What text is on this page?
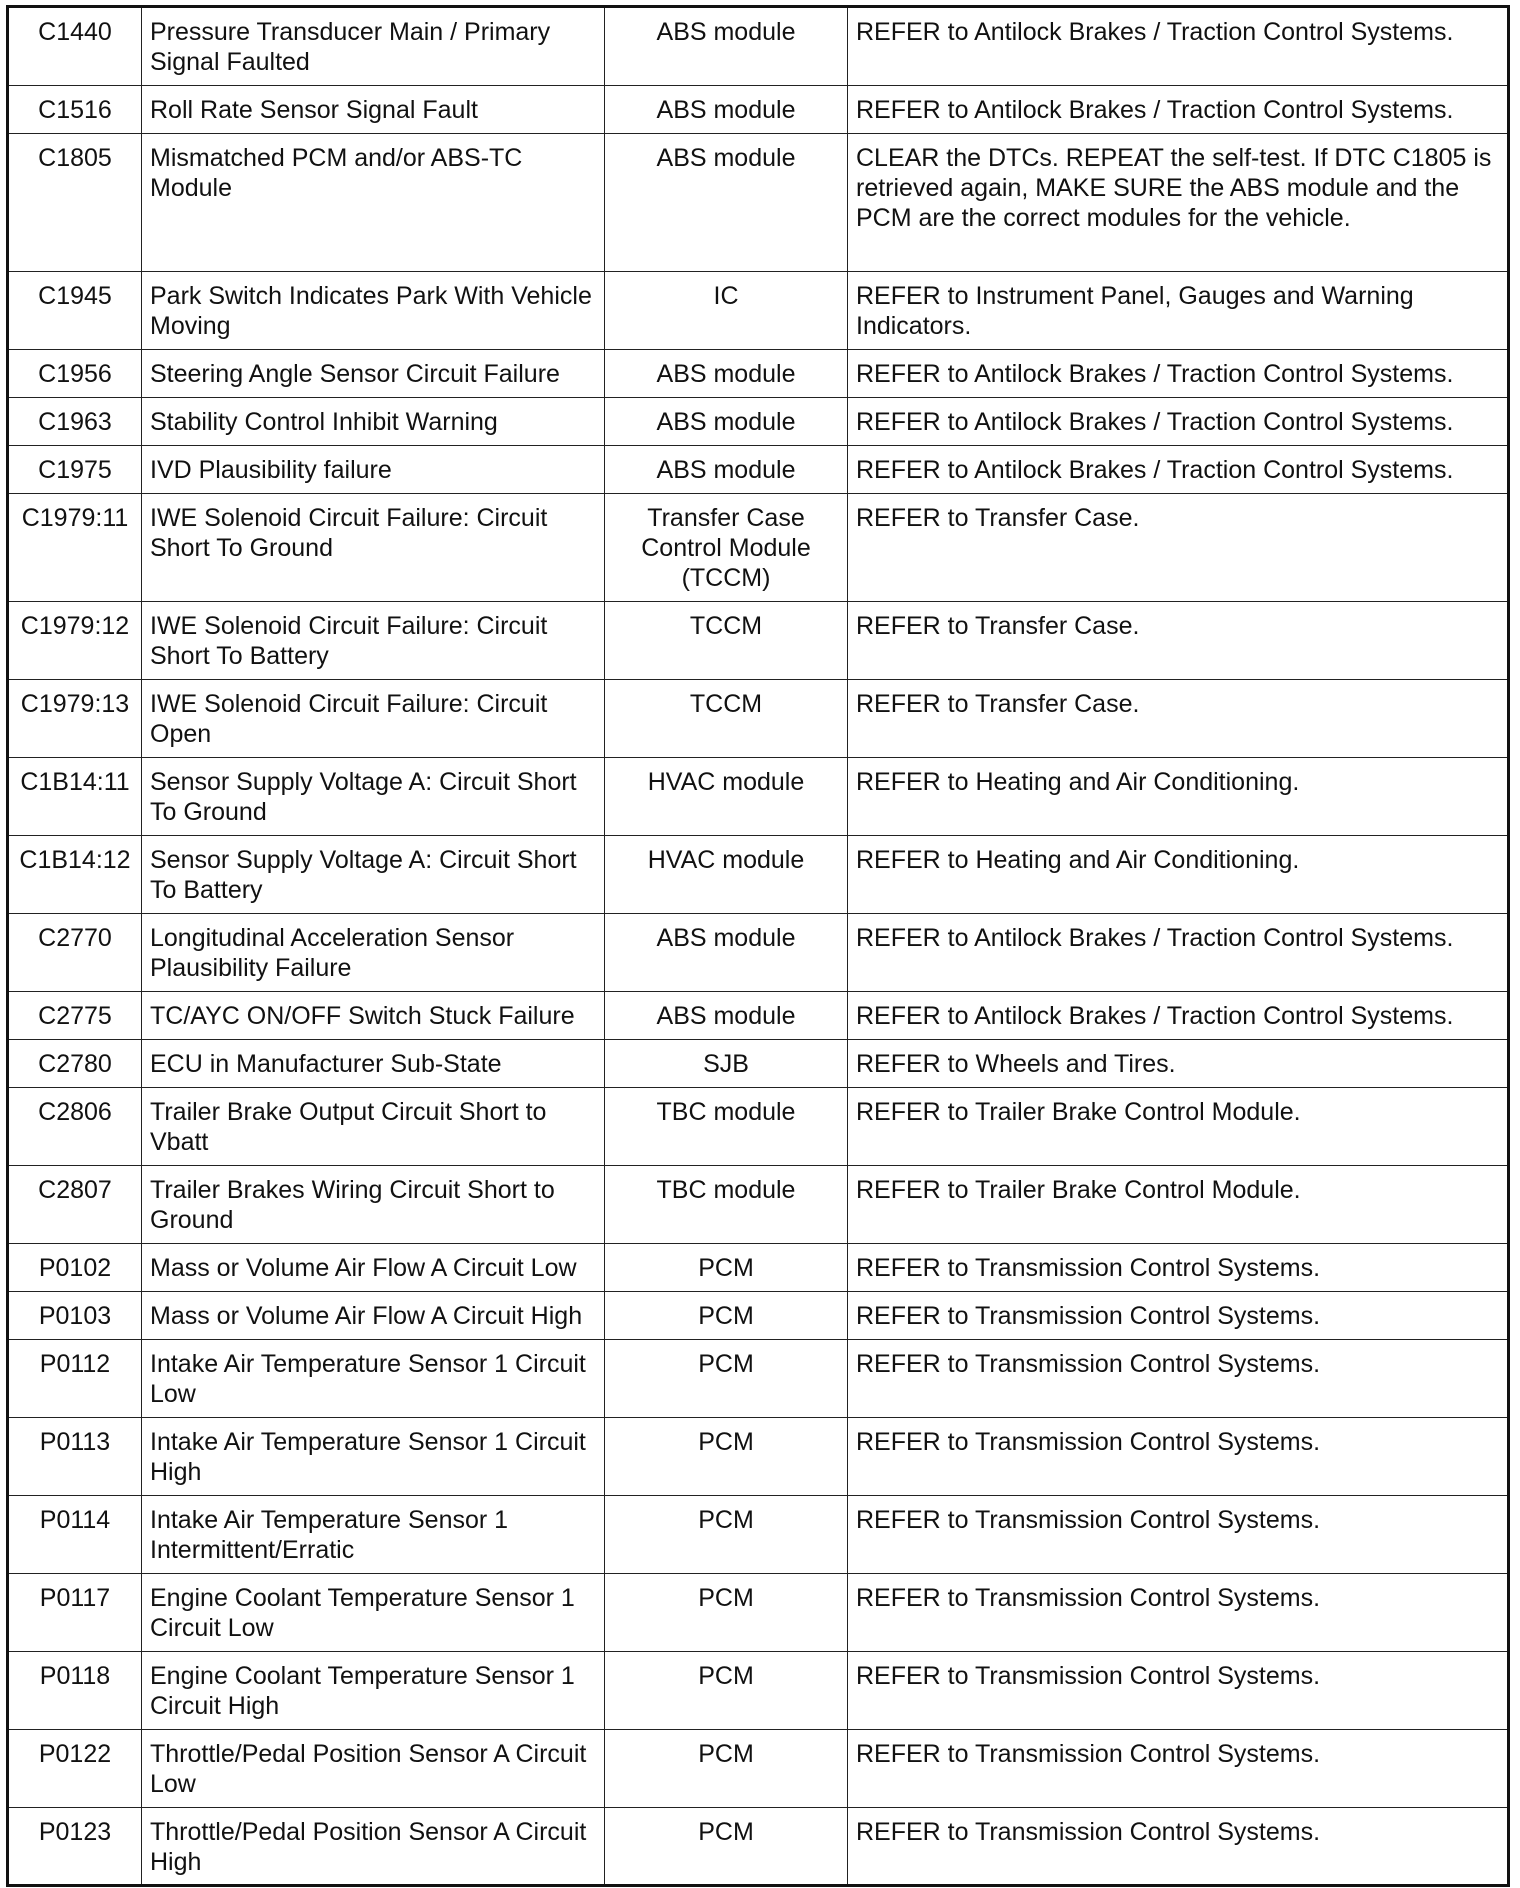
C1440	Pressure Transducer Main / Primary Signal Faulted	ABS module	REFER to Antilock Brakes / Traction Control Systems.
C1516	Roll Rate Sensor Signal Fault	ABS module	REFER to Antilock Brakes / Traction Control Systems.
C1805	Mismatched PCM and/or ABS-TC Module	ABS module	CLEAR the DTCs. REPEAT the self-test. If DTC C1805 is retrieved again, MAKE SURE the ABS module and the PCM are the correct modules for the vehicle.
C1945	Park Switch Indicates Park With Vehicle Moving	IC	REFER to Instrument Panel, Gauges and Warning Indicators.
C1956	Steering Angle Sensor Circuit Failure	ABS module	REFER to Antilock Brakes / Traction Control Systems.
C1963	Stability Control Inhibit Warning	ABS module	REFER to Antilock Brakes / Traction Control Systems.
C1975	IVD Plausibility failure	ABS module	REFER to Antilock Brakes / Traction Control Systems.
C1979:11	IWE Solenoid Circuit Failure: Circuit Short To Ground	Transfer Case Control Module (TCCM)	REFER to Transfer Case.
C1979:12	IWE Solenoid Circuit Failure: Circuit Short To Battery	TCCM	REFER to Transfer Case.
C1979:13	IWE Solenoid Circuit Failure: Circuit Open	TCCM	REFER to Transfer Case.
C1B14:11	Sensor Supply Voltage A: Circuit Short To Ground	HVAC module	REFER to Heating and Air Conditioning.
C1B14:12	Sensor Supply Voltage A: Circuit Short To Battery	HVAC module	REFER to Heating and Air Conditioning.
C2770	Longitudinal Acceleration Sensor Plausibility Failure	ABS module	REFER to Antilock Brakes / Traction Control Systems.
C2775	TC/AYC ON/OFF Switch Stuck Failure	ABS module	REFER to Antilock Brakes / Traction Control Systems.
C2780	ECU in Manufacturer Sub-State	SJB	REFER to Wheels and Tires.
C2806	Trailer Brake Output Circuit Short to Vbatt	TBC module	REFER to Trailer Brake Control Module.
C2807	Trailer Brakes Wiring Circuit Short to Ground	TBC module	REFER to Trailer Brake Control Module.
P0102	Mass or Volume Air Flow A Circuit Low	PCM	REFER to Transmission Control Systems.
P0103	Mass or Volume Air Flow A Circuit High	PCM	REFER to Transmission Control Systems.
P0112	Intake Air Temperature Sensor 1 Circuit Low	PCM	REFER to Transmission Control Systems.
P0113	Intake Air Temperature Sensor 1 Circuit High	PCM	REFER to Transmission Control Systems.
P0114	Intake Air Temperature Sensor 1 Intermittent/Erratic	PCM	REFER to Transmission Control Systems.
P0117	Engine Coolant Temperature Sensor 1 Circuit Low	PCM	REFER to Transmission Control Systems.
P0118	Engine Coolant Temperature Sensor 1 Circuit High	PCM	REFER to Transmission Control Systems.
P0122	Throttle/Pedal Position Sensor A Circuit Low	PCM	REFER to Transmission Control Systems.
P0123	Throttle/Pedal Position Sensor A Circuit High	PCM	REFER to Transmission Control Systems.
